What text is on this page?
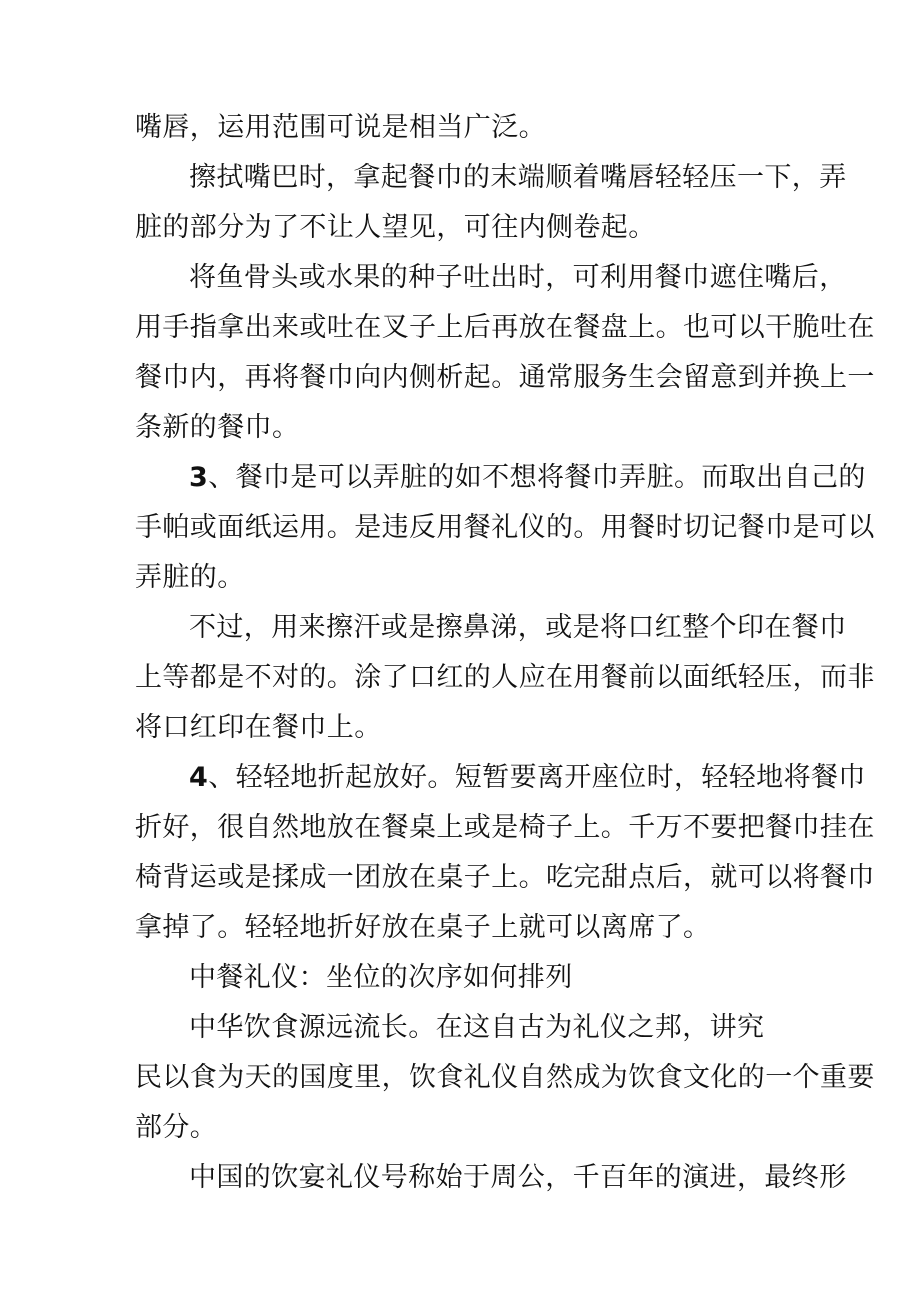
嘴唇，运用范围可说是相当广泛。
擦拭嘴巴时，拿起餐巾的末端顺着嘴唇轻轻压一下，弄
脏的部分为了不让人望见，可往内侧卷起。
将鱼骨头或水果的种子吐出时，可利用餐巾遮住嘴后，
用手指拿出来或吐在叉子上后再放在餐盘上。也可以干脆吐在
餐巾内，再将餐巾向内侧析起。通常服务生会留意到并换上一
条新的餐巾。
3、餐巾是可以弄脏的如不想将餐巾弄脏。而取出自己的
手帕或面纸运用。是违反用餐礼仪的。用餐时切记餐巾是可以
弄脏的。
不过，用来擦汗或是擦鼻涕，或是将口红整个印在餐巾
上等都是不对的。涂了口红的人应在用餐前以面纸轻压，而非
将口红印在餐巾上。
4、轻轻地折起放好。短暂要离开座位时，轻轻地将餐巾
折好，很自然地放在餐桌上或是椅子上。千万不要把餐巾挂在
椅背运或是揉成一团放在桌子上。吃完甜点后，就可以将餐巾
拿掉了。轻轻地折好放在桌子上就可以离席了。
中餐礼仪：坐位的次序如何排列
中华饮食源远流长。在这自古为礼仪之邦，讲究
民以食为天的国度里，饮食礼仪自然成为饮食文化的一个重要
部分。
中国的饮宴礼仪号称始于周公，千百年的演进，最终形
